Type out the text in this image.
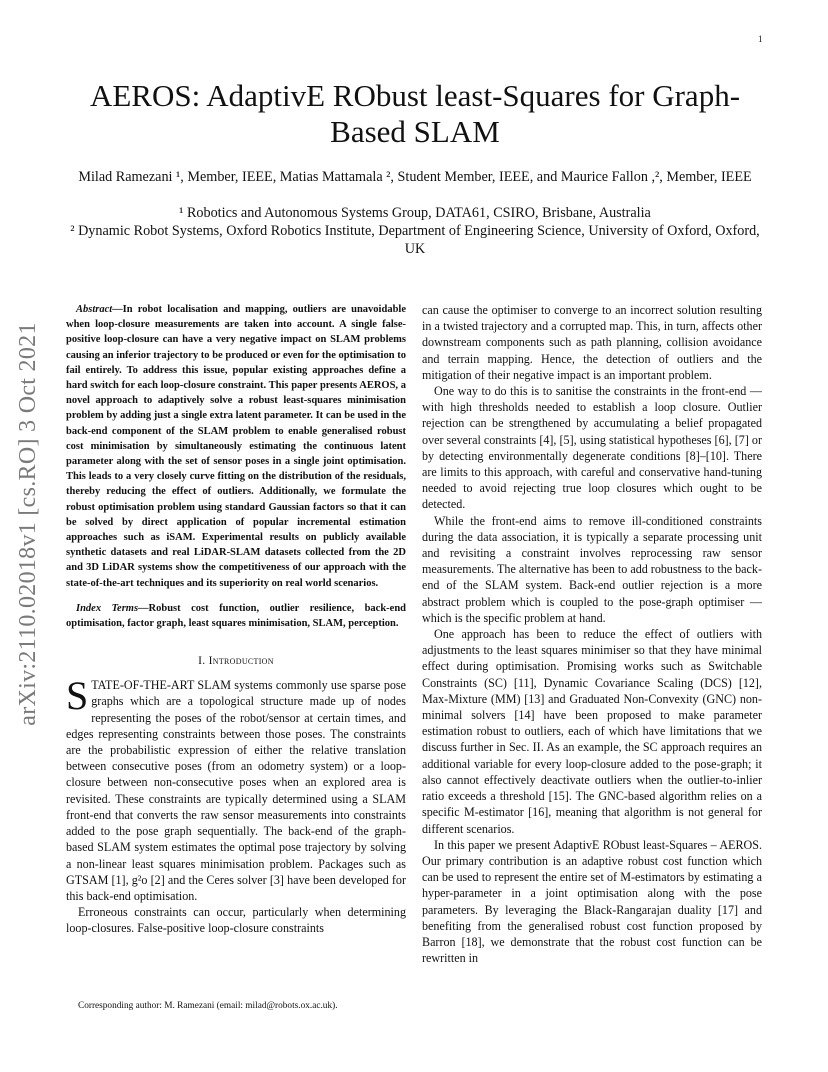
1
arXiv:2110.02018v1 [cs.RO] 3 Oct 2021
AEROS: AdaptivE RObust least-Squares for Graph-Based SLAM
Milad Ramezani ¹, Member, IEEE, Matias Mattamala ², Student Member, IEEE, and Maurice Fallon ,², Member, IEEE
¹ Robotics and Autonomous Systems Group, DATA61, CSIRO, Brisbane, Australia
² Dynamic Robot Systems, Oxford Robotics Institute, Department of Engineering Science, University of Oxford, Oxford, UK

Abstract—In robot localisation and mapping, outliers are unavoidable when loop-closure measurements are taken into account. A single false-positive loop-closure can have a very negative impact on SLAM problems causing an inferior trajectory to be produced or even for the optimisation to fail entirely. To address this issue, popular existing approaches define a hard switch for each loop-closure constraint. This paper presents AEROS, a novel approach to adaptively solve a robust least-squares minimisation problem by adding just a single extra latent parameter. It can be used in the back-end component of the SLAM problem to enable generalised robust cost minimisation by simultaneously estimating the continuous latent parameter along with the set of sensor poses in a single joint optimisation. This leads to a very closely curve fitting on the distribution of the residuals, thereby reducing the effect of outliers. Additionally, we formulate the robust optimisation problem using standard Gaussian factors so that it can be solved by direct application of popular incremental estimation approaches such as iSAM. Experimental results on publicly available synthetic datasets and real LiDAR-SLAM datasets collected from the 2D and 3D LiDAR systems show the competitiveness of our approach with the state-of-the-art techniques and its superiority on real world scenarios.

Index Terms—Robust cost function, outlier resilience, back-end optimisation, factor graph, least squares minimisation, SLAM, perception.

I. Introduction

STATE-OF-THE-ART SLAM systems commonly use sparse pose graphs which are a topological structure made up of nodes representing the poses of the robot/sensor at certain times, and edges representing constraints between those poses. The constraints are the probabilistic expression of either the relative translation between consecutive poses (from an odometry system) or a loop-closure between non-consecutive poses when an explored area is revisited. These constraints are typically determined using a SLAM front-end that converts the raw sensor measurements into constraints added to the pose graph sequentially. The back-end of the graph-based SLAM system estimates the optimal pose trajectory by solving a non-linear least squares minimisation problem. Packages such as GTSAM [1], g²o [2] and the Ceres solver [3] have been developed for this back-end optimisation.

Erroneous constraints can occur, particularly when determining loop-closures. False-positive loop-closure constraints

Corresponding author: M. Ramezani (email: milad@robots.ox.ac.uk).

can cause the optimiser to converge to an incorrect solution resulting in a twisted trajectory and a corrupted map. This, in turn, affects other downstream components such as path planning, collision avoidance and terrain mapping. Hence, the detection of outliers and the mitigation of their negative impact is an important problem.

One way to do this is to sanitise the constraints in the front-end — with high thresholds needed to establish a loop closure. Outlier rejection can be strengthened by accumulating a belief propagated over several constraints [4], [5], using statistical hypotheses [6], [7] or by detecting environmentally degenerate conditions [8]–[10]. There are limits to this approach, with careful and conservative hand-tuning needed to avoid rejecting true loop closures which ought to be detected.

While the front-end aims to remove ill-conditioned constraints during the data association, it is typically a separate processing unit and revisiting a constraint involves reprocessing raw sensor measurements. The alternative has been to add robustness to the back-end of the SLAM system. Back-end outlier rejection is a more abstract problem which is coupled to the pose-graph optimiser — which is the specific problem at hand.

One approach has been to reduce the effect of outliers with adjustments to the least squares minimiser so that they have minimal effect during optimisation. Promising works such as Switchable Constraints (SC) [11], Dynamic Covariance Scaling (DCS) [12], Max-Mixture (MM) [13] and Graduated Non-Convexity (GNC) non-minimal solvers [14] have been proposed to make parameter estimation robust to outliers, each of which have limitations that we discuss further in Sec. II. As an example, the SC approach requires an additional variable for every loop-closure added to the pose-graph; it also cannot effectively deactivate outliers when the outlier-to-inlier ratio exceeds a threshold [15]. The GNC-based algorithm relies on a specific M-estimator [16], meaning that algorithm is not general for different scenarios.

In this paper we present AdaptivE RObust least-Squares – AEROS. Our primary contribution is an adaptive robust cost function which can be used to represent the entire set of M-estimators by estimating a hyper-parameter in a joint optimisation along with the pose parameters. By leveraging the Black-Rangarajan duality [17] and benefiting from the generalised robust cost function proposed by Barron [18], we demonstrate that the robust cost function can be rewritten in
